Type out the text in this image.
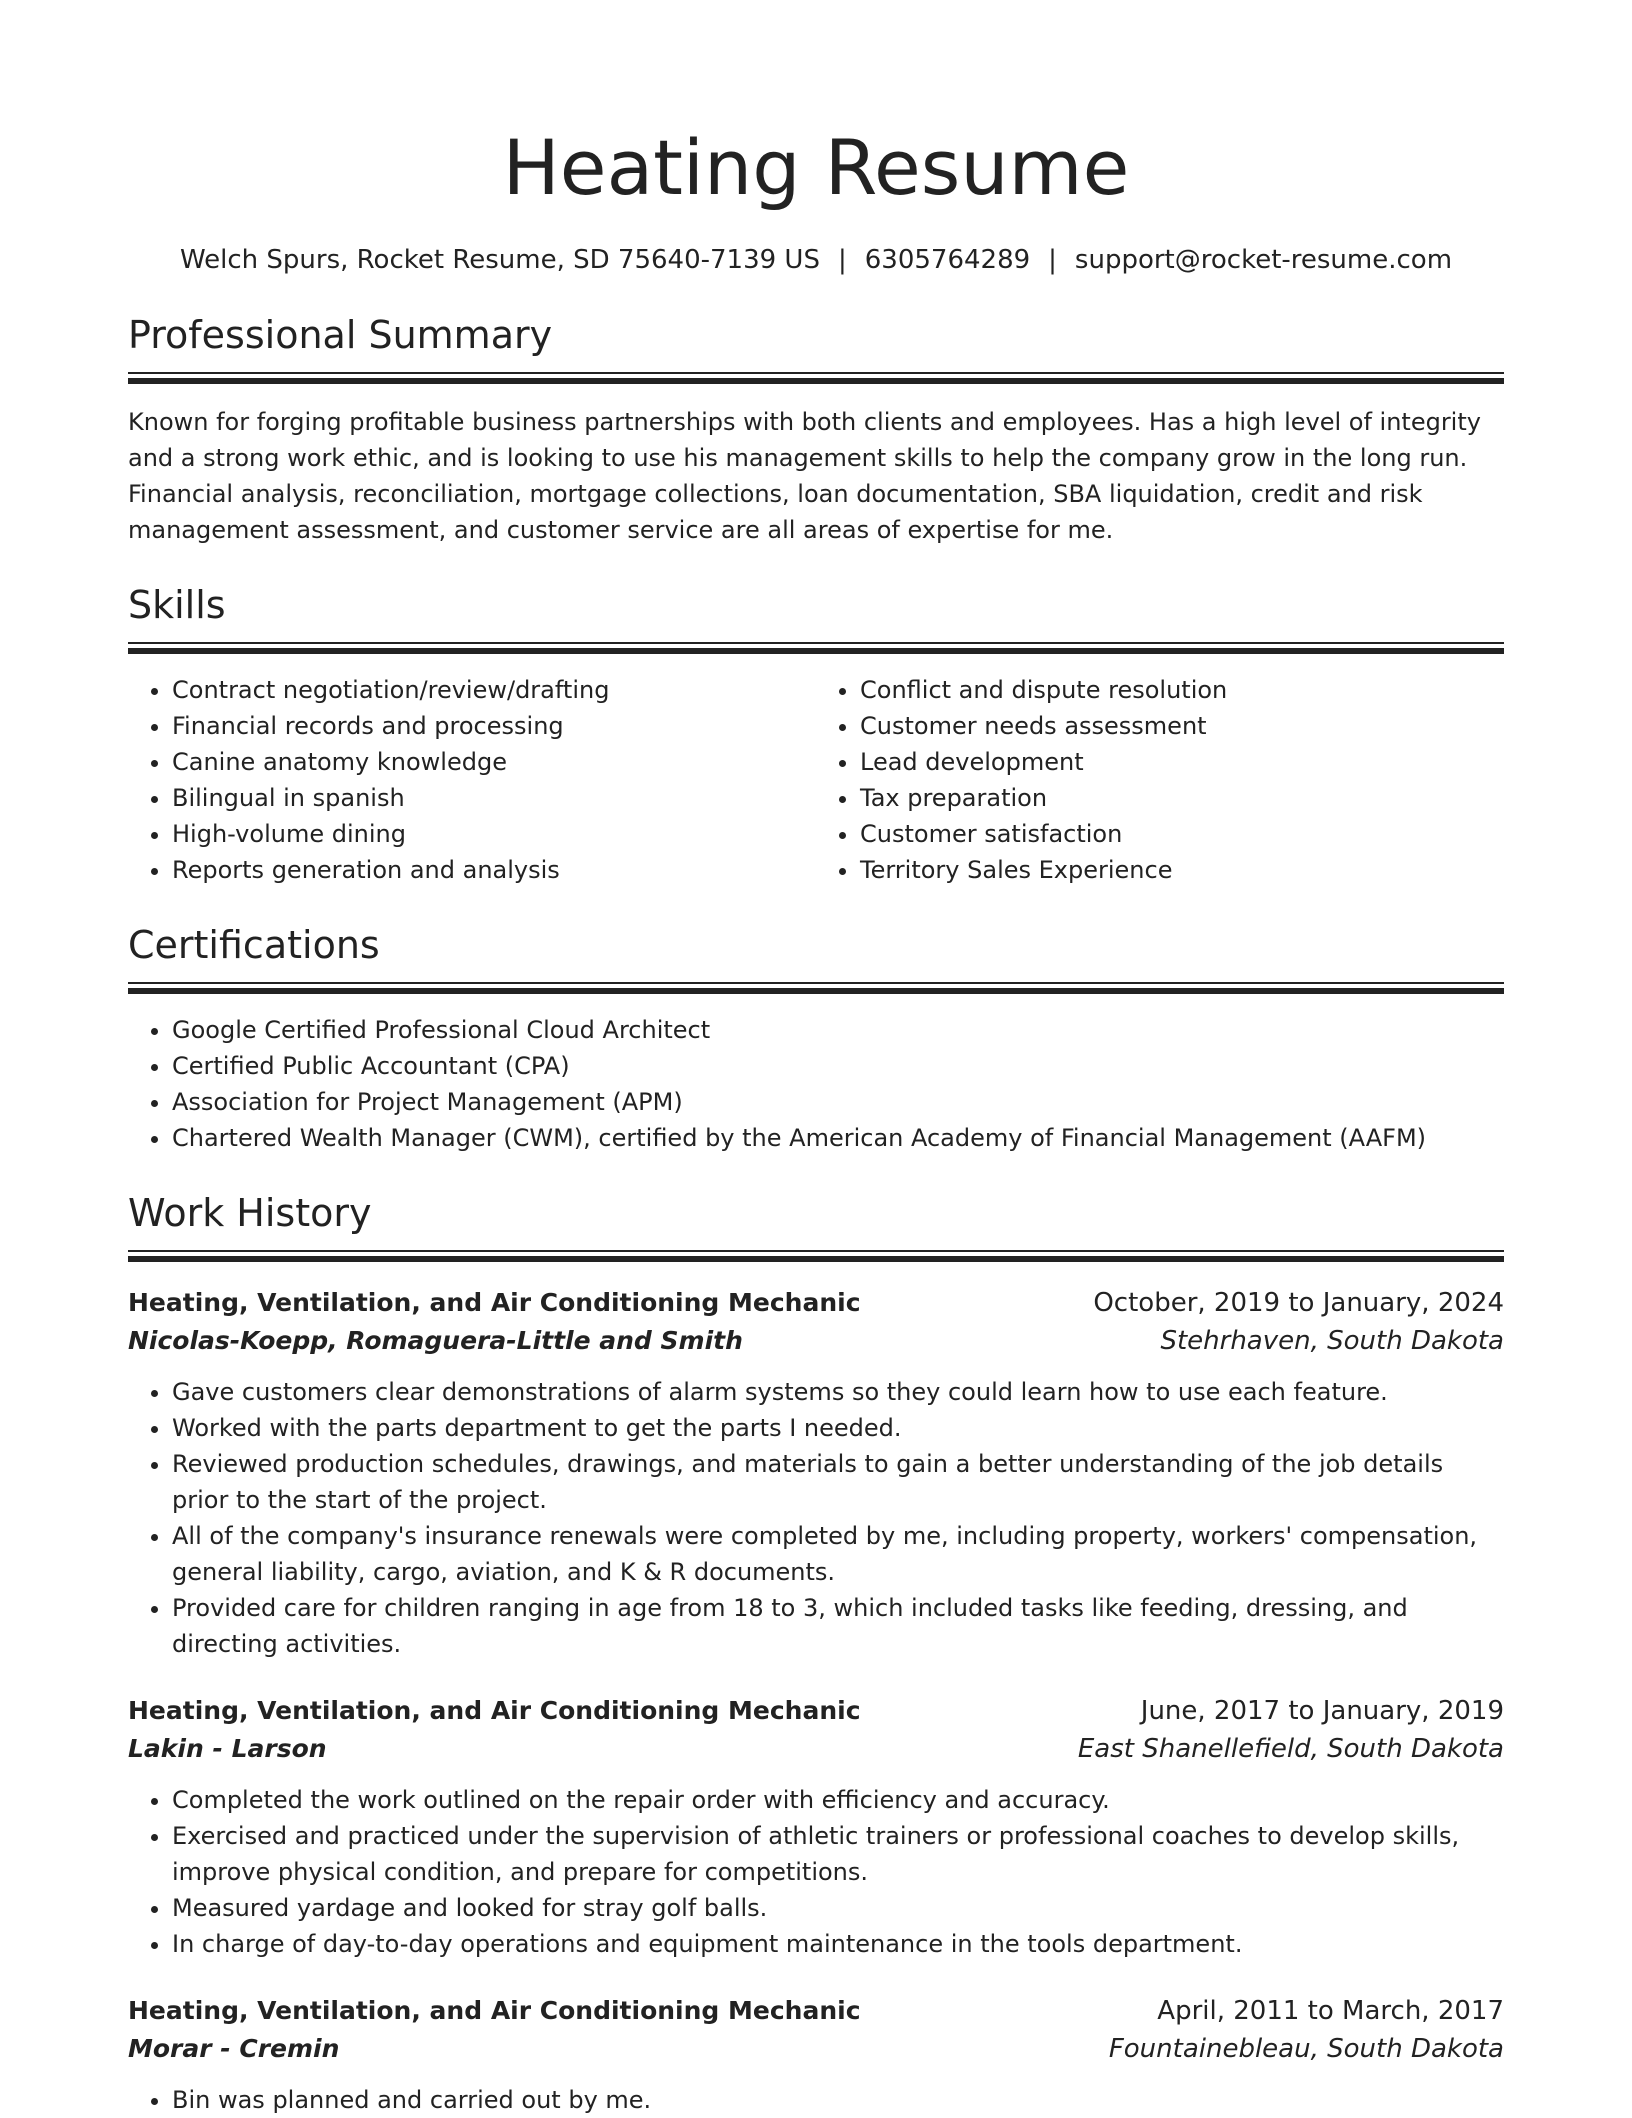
Heating Resume
Welch Spurs, Rocket Resume, SD 75640-7139 US | 6305764289 | support@rocket-resume.com
Professional Summary

Known for forging profitable business partnerships with both clients and employees. Has a high level of integrity and a strong work ethic, and is looking to use his management skills to help the company grow in the long run. Financial analysis, reconciliation, mortgage collections, loan documentation, SBA liquidation, credit and risk management assessment, and customer service are all areas of expertise for me.

Skills
• Contract negotiation/review/drafting
• Financial records and processing
• Canine anatomy knowledge
• Bilingual in spanish
• High-volume dining
• Reports generation and analysis
• Conflict and dispute resolution
• Customer needs assessment
• Lead development
• Tax preparation
• Customer satisfaction
• Territory Sales Experience
Certifications
• Google Certified Professional Cloud Architect
• Certified Public Accountant (CPA)
• Association for Project Management (APM)
• Chartered Wealth Manager (CWM), certified by the American Academy of Financial Management (AAFM)
Work History
Heating, Ventilation, and Air Conditioning Mechanic	October, 2019 to January, 2024
Nicolas-Koepp, Romaguera-Little and Smith	Stehrhaven, South Dakota
• Gave customers clear demonstrations of alarm systems so they could learn how to use each feature.
• Worked with the parts department to get the parts I needed.
• Reviewed production schedules, drawings, and materials to gain a better understanding of the job details prior to the start of the project.
• All of the company's insurance renewals were completed by me, including property, workers' compensation, general liability, cargo, aviation, and K & R documents.
• Provided care for children ranging in age from 18 to 3, which included tasks like feeding, dressing, and directing activities.
Heating, Ventilation, and Air Conditioning Mechanic	June, 2017 to January, 2019
Lakin - Larson	East Shanellefield, South Dakota
• Completed the work outlined on the repair order with efficiency and accuracy.
• Exercised and practiced under the supervision of athletic trainers or professional coaches to develop skills, improve physical condition, and prepare for competitions.
• Measured yardage and looked for stray golf balls.
• In charge of day-to-day operations and equipment maintenance in the tools department.
Heating, Ventilation, and Air Conditioning Mechanic	April, 2011 to March, 2017
Morar - Cremin	Fountainebleau, South Dakota
• Bin was planned and carried out by me.
